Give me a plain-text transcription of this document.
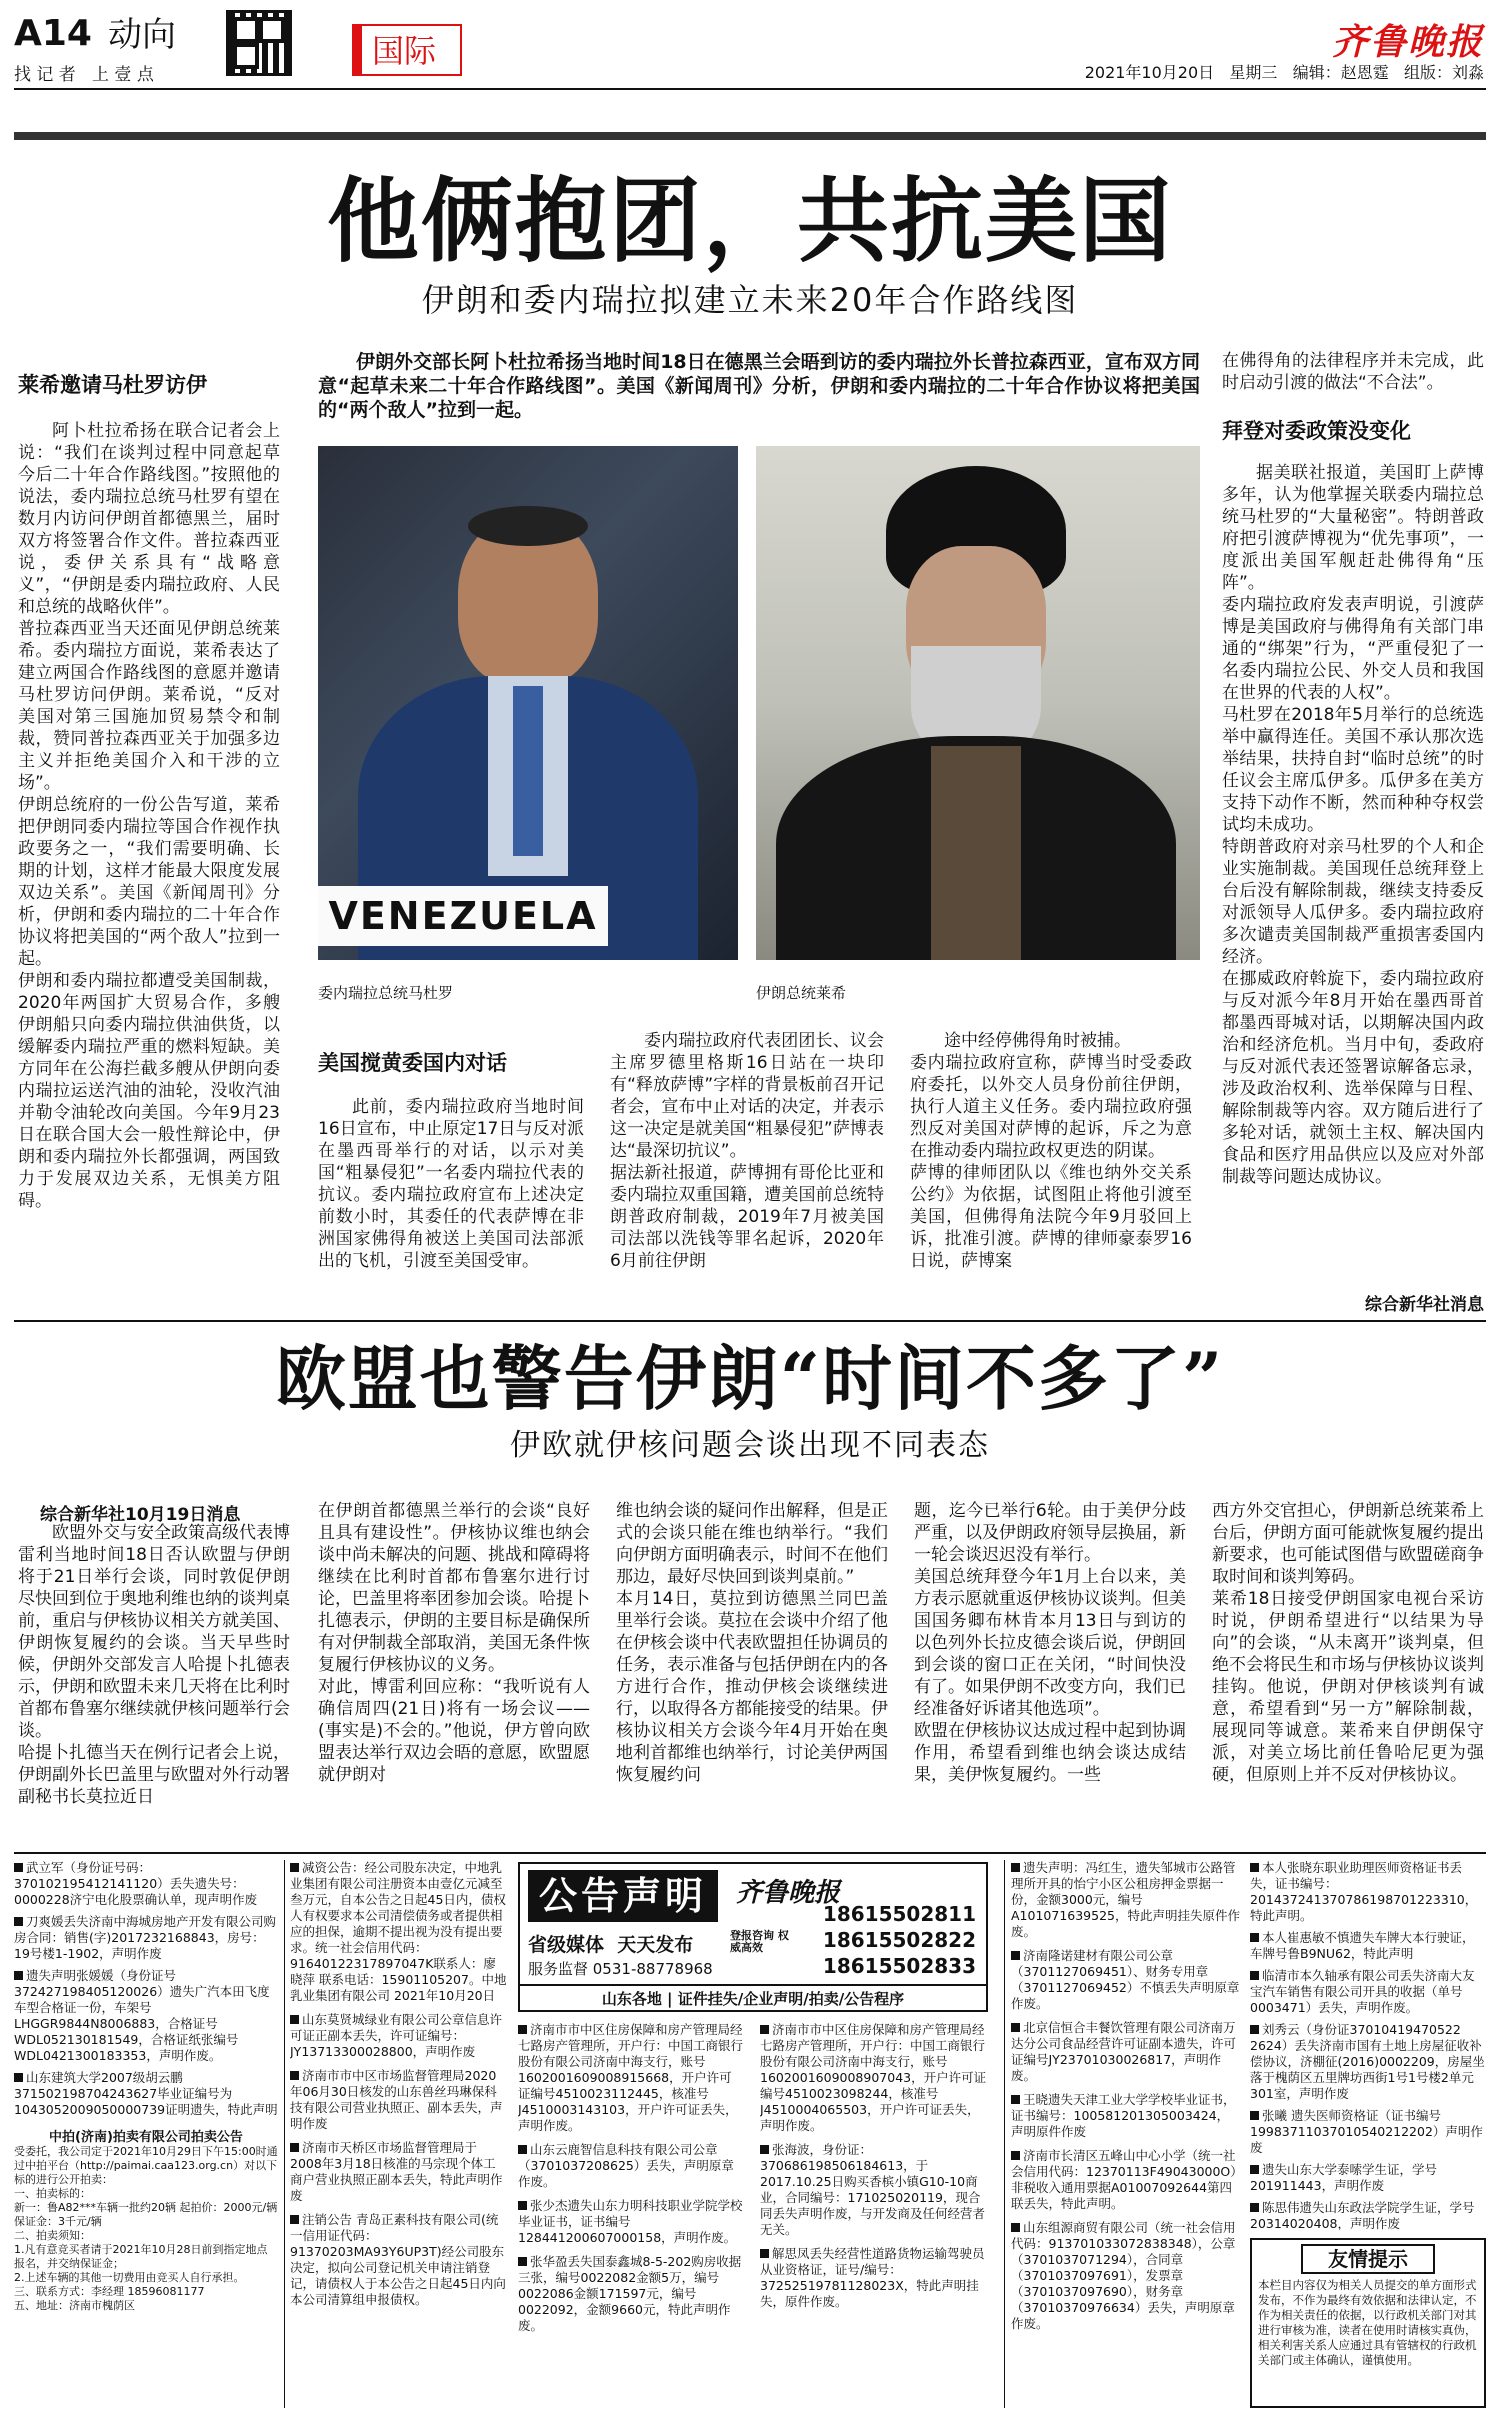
A14 动向
找 记 者   上 壹 点
国际	齐鲁晚报
2021年10月20日 星期三 编辑：赵恩霆 组版：刘淼
他俩抱团，共抗美国
伊朗和委内瑞拉拟建立未来20年合作路线图
莱希邀请马杜罗访伊
阿卜杜拉希扬在联合记者会上说：“我们在谈判过程中同意起草今后二十年合作路线图。”按照他的说法，委内瑞拉总统马杜罗有望在数月内访问伊朗首都德黑兰，届时双方将签署合作文件。普拉森西亚说，委伊关系具有“战略意义”，“伊朗是委内瑞拉政府、人民和总统的战略伙伴”。
普拉森西亚当天还面见伊朗总统莱希。委内瑞拉方面说，莱希表达了建立两国合作路线图的意愿并邀请马杜罗访问伊朗。莱希说，“反对美国对第三国施加贸易禁令和制裁，赞同普拉森西亚关于加强多边主义并拒绝美国介入和干涉的立场”。
伊朗总统府的一份公告写道，莱希把伊朗同委内瑞拉等国合作视作执政要务之一，“我们需要明确、长期的计划，这样才能最大限度发展双边关系”。美国《新闻周刊》分析，伊朗和委内瑞拉的二十年合作协议将把美国的“两个敌人”拉到一起。
伊朗和委内瑞拉都遭受美国制裁，2020年两国扩大贸易合作，多艘伊朗船只向委内瑞拉供油供货，以缓解委内瑞拉严重的燃料短缺。美方同年在公海拦截多艘从伊朗向委内瑞拉运送汽油的油轮，没收汽油并勒令油轮改向美国。今年9月23日在联合国大会一般性辩论中，伊朗和委内瑞拉外长都强调，两国致力于发展双边关系，无惧美方阻碍。
伊朗外交部长阿卜杜拉希扬当地时间18日在德黑兰会晤到访的委内瑞拉外长普拉森西亚，宣布双方同意“起草未来二十年合作路线图”。美国《新闻周刊》分析，伊朗和委内瑞拉的二十年合作协议将把美国的“两个敌人”拉到一起。
VENEZUELA
委内瑞拉总统马杜罗	伊朗总统莱希
美国搅黄委国内对话
此前，委内瑞拉政府当地时间16日宣布，中止原定17日与反对派在墨西哥举行的对话，以示对美国“粗暴侵犯”一名委内瑞拉代表的抗议。委内瑞拉政府宣布上述决定前数小时，其委任的代表萨博在非洲国家佛得角被送上美国司法部派出的飞机，引渡至美国受审。
委内瑞拉政府代表团团长、议会主席罗德里格斯16日站在一块印有“释放萨博”字样的背景板前召开记者会，宣布中止对话的决定，并表示这一决定是就美国“粗暴侵犯”萨博表达“最深切抗议”。
据法新社报道，萨博拥有哥伦比亚和委内瑞拉双重国籍，遭美国前总统特朗普政府制裁，2019年7月被美国司法部以洗钱等罪名起诉，2020年6月前往伊朗
途中经停佛得角时被捕。
委内瑞拉政府宣称，萨博当时受委政府委托，以外交人员身份前往伊朗，执行人道主义任务。委内瑞拉政府强烈反对美国对萨博的起诉，斥之为意在推动委内瑞拉政权更迭的阴谋。
萨博的律师团队以《维也纳外交关系公约》为依据，试图阻止将他引渡至美国，但佛得角法院今年9月驳回上诉，批准引渡。萨博的律师豪泰罗16日说，萨博案
在佛得角的法律程序并未完成，此时启动引渡的做法“不合法”。
拜登对委政策没变化
据美联社报道，美国盯上萨博多年，认为他掌握关联委内瑞拉总统马杜罗的“大量秘密”。特朗普政府把引渡萨博视为“优先事项”，一度派出美国军舰赶赴佛得角“压阵”。
委内瑞拉政府发表声明说，引渡萨博是美国政府与佛得角有关部门串通的“绑架”行为，“严重侵犯了一名委内瑞拉公民、外交人员和我国在世界的代表的人权”。
马杜罗在2018年5月举行的总统选举中赢得连任。美国不承认那次选举结果，扶持自封“临时总统”的时任议会主席瓜伊多。瓜伊多在美方支持下动作不断，然而种种夺权尝试均未成功。
特朗普政府对亲马杜罗的个人和企业实施制裁。美国现任总统拜登上台后没有解除制裁，继续支持委反对派领导人瓜伊多。委内瑞拉政府多次谴责美国制裁严重损害委国内经济。
在挪威政府斡旋下，委内瑞拉政府与反对派今年8月开始在墨西哥首都墨西哥城对话，以期解决国内政治和经济危机。当月中旬，委政府与反对派代表还签署谅解备忘录，涉及政治权利、选举保障与日程、解除制裁等内容。双方随后进行了多轮对话，就领土主权、解决国内食品和医疗用品供应以及应对外部制裁等问题达成协议。
综合新华社消息
欧盟也警告伊朗“时间不多了”
伊欧就伊核问题会谈出现不同表态
综合新华社10月19日消息
欧盟外交与安全政策高级代表博雷利当地时间18日否认欧盟与伊朗将于21日举行会谈，同时敦促伊朗尽快回到位于奥地利维也纳的谈判桌前，重启与伊核协议相关方就美国、伊朗恢复履约的会谈。当天早些时候，伊朗外交部发言人哈提卜扎德表示，伊朗和欧盟未来几天将在比利时首都布鲁塞尔继续就伊核问题举行会谈。
哈提卜扎德当天在例行记者会上说，伊朗副外长巴盖里与欧盟对外行动署副秘书长莫拉近日
在伊朗首都德黑兰举行的会谈“良好且具有建设性”。伊核协议维也纳会谈中尚未解决的问题、挑战和障碍将继续在比利时首都布鲁塞尔进行讨论，巴盖里将率团参加会谈。哈提卜扎德表示，伊朗的主要目标是确保所有对伊制裁全部取消，美国无条件恢复履行伊核协议的义务。
对此，博雷利回应称：“我听说有人确信周四(21日)将有一场会议——(事实是)不会的。”他说，伊方曾向欧盟表达举行双边会晤的意愿，欧盟愿就伊朗对
维也纳会谈的疑问作出解释，但是正式的会谈只能在维也纳举行。“我们向伊朗方面明确表示，时间不在他们那边，最好尽快回到谈判桌前。”
本月14日，莫拉到访德黑兰同巴盖里举行会谈。莫拉在会谈中介绍了他在伊核会谈中代表欧盟担任协调员的任务，表示准备与包括伊朗在内的各方进行合作，推动伊核会谈继续进行，以取得各方都能接受的结果。伊核协议相关方会谈今年4月开始在奥地利首都维也纳举行，讨论美伊两国恢复履约问
题，迄今已举行6轮。由于美伊分歧严重，以及伊朗政府领导层换届，新一轮会谈迟迟没有举行。
美国总统拜登今年1月上台以来，美方表示愿就重返伊核协议谈判。但美国国务卿布林肯本月13日与到访的以色列外长拉皮德会谈后说，伊朗回到会谈的窗口正在关闭，“时间快没有了。如果伊朗不改变方向，我们已经准备好诉诸其他选项”。
欧盟在伊核协议达成过程中起到协调作用，希望看到维也纳会谈达成结果，美伊恢复履约。一些
西方外交官担心，伊朗新总统莱希上台后，伊朗方面可能就恢复履约提出新要求，也可能试图借与欧盟磋商争取时间和谈判筹码。
莱希18日接受伊朗国家电视台采访时说，伊朗希望进行“以结果为导向”的会谈，“从未离开”谈判桌，但绝不会将民生和市场与伊核协议谈判挂钩。他说，伊朗对伊核谈判有诚意，希望看到“另一方”解除制裁，展现同等诚意。莱希来自伊朗保守派，对美立场比前任鲁哈尼更为强硬，但原则上并不反对伊核协议。
武立军（身份证号码：370102195412141120）丢失遗失号：0000228济宁电化股票确认单，现声明作废
刀爽媛丢失济南中海城房地产开发有限公司购房合同：销售(字)2017232168843，房号：19号楼1-1902，声明作废
遗失声明张媛媛（身份证号372427198405120026）遗失广汽本田飞度车型合格证一份，车架号LHGGR9844N8006883，合格证号WDL052130181549，合格证纸张编号WDL0421300183353，声明作废。
山东建筑大学2007级胡云鹏371502198704243627毕业证编号为1043052009050000739证明遗失，特此声明
中拍(济南)拍卖有限公司拍卖公告
受委托，我公司定于2021年10月29日下午15:00时通过中拍平台（http://paimai.caa123.org.cn）对以下标的进行公开拍卖：
一、拍卖标的：
新一：鲁A82***车辆一批约20辆 起拍价：2000元/辆 保证金：3千元/辆
二、拍卖须知：
1.凡有意竞买者请于2021年10月28日前到指定地点报名，并交纳保证金；
2.上述车辆的其他一切费用由竞买人自行承担。
三、联系方式：李经理 18596081177
五、地址：济南市槐荫区
减资公告：经公司股东决定，中地乳业集团有限公司注册资本由壹亿元减至叁万元，自本公告之日起45日内，债权人有权要求本公司清偿债务或者提供相应的担保，逾期不提出视为没有提出要求。统一社会信用代码：91640122317897047K联系人：廖晓萍 联系电话：15901105207。中地乳业集团有限公司 2021年10月20日
山东莫贤城绿业有限公司公章信息许可证正副本丢失，许可证编号：JY13713300028800，声明作废
济南市市中区市场监督管理局2020年06月30日核发的山东兽丝玛琳保科技有限公司营业执照正、副本丢失，声明作废
济南市天桥区市场监督管理局于2008年3月18日核准的马宗现个体工商户营业执照正副本丢失，特此声明作废
注销公告 青岛正素科技有限公司(统一信用证代码：91370203MA93Y6UP3T)经公司股东决定，拟向公司登记机关申请注销登记，请债权人于本公告之日起45日内向本公司清算组申报债权。
公告声明	齐鲁晚报
18615502811
18615502822
18615502833
省级媒体  天天发布	登报咨询 权威高效
服务监督 0531-88778968
山东各地 | 证件挂失/企业声明/拍卖/公告程序
济南市市中区住房保障和房产管理局经七路房产管理所，开户行：中国工商银行股份有限公司济南中海支行，账号1602001609008915668，开户许可证编号4510023112445，核准号J4510003143103，开户许可证丢失，声明作废。
山东云鹿智信息科技有限公司公章（3701037208625）丢失，声明原章作废。
张少杰遗失山东力明科技职业学院学校毕业证书，证书编号128441200607000158，声明作废。
张华盈丢失国泰鑫城8-5-202购房收据三张，编号0022082金额5万，编号0022086金额171597元，编号0022092，金额9660元，特此声明作废。
济南市市中区住房保障和房产管理局经七路房产管理所，开户行：中国工商银行股份有限公司济南中海支行，账号1602001609008907043，开户许可证编号4510023098244，核准号J4510004065503，开户许可证丢失，声明作废。
张海波，身份证：37068619850618461​3，于2017.10.25日购买香槟小镇G10-10商业，合同编号：1710250201​19，现合同丢失声明作废，与开发商及任何经营者无关。
解思凤丢失经营性道路货物运输驾驶员从业资格证，证号/编号：37252519781128023X，特此声明挂失，原件作废。
遗失声明：冯红生，遗失邹城市公路管理所开具的怡宁小区公租房押金票据一份，金额3000元，编号A101071639525，特此声明挂失原件作废。
济南隆诺建材有限公司公章（3701127069451）、财务专用章（3701127069452）不慎丢失声明原章作废。
北京信恒合丰餐饮管理有限公司济南万达分公司食品经营许可证副本遗失，许可证编号JY23701030026817，声明作废。
王晓遗失天津工业大学学校毕业证书，证书编号：100581201305003424，声明原件作废
济南市长清区五峰山中心小学（统一社会信用代码：12370113F49043000O）非税收入通用票据A01007092644第四联丢失，特此声明。
山东组源商贸有限公司（统一社会信用代码：913701033072838348），公章（3701037071294），合同章（3701037097691），发票章（3701037097690），财务章（37010370976634）丢失，声明原章作废。
本人张晓东职业助理医师资格证书丢失，证书编号：201437241370786198701223310，特此声明。
本人崔惠敏不慎遗失车牌大本行驶证，车牌号鲁B9NU62，特此声明
临清市本久轴承有限公司丢失济南大友宝汽车销售有限公司开具的收据（单号0003471）丢失，声明作废。
刘秀云（身份证37010419470522​2624）丢失济南市国有土地上房屋征收补偿协议，济棚征(2016)0002209，房屋坐落于槐荫区五里牌坊西街1号1号楼2单元301室，声明作废
张曦 遗失医师资格证（证书编号199837110370105402​12202）声明作废
遗失山东大学泰嗦学生证，学号201911443，声明作废
陈思伟遗失山东政法学院学生证，学号20314020408，声明作废
友情提示
本栏目内容仅为相关人员提交的单方面形式发布，不作为最终有效依据和法律认定，不作为相关责任的依据，以行政机关部门对其进行审核为准，读者在使用时请核实真伪，相关利害关系人应通过具有管辖权的行政机关部门或主体确认，谨慎使用。
